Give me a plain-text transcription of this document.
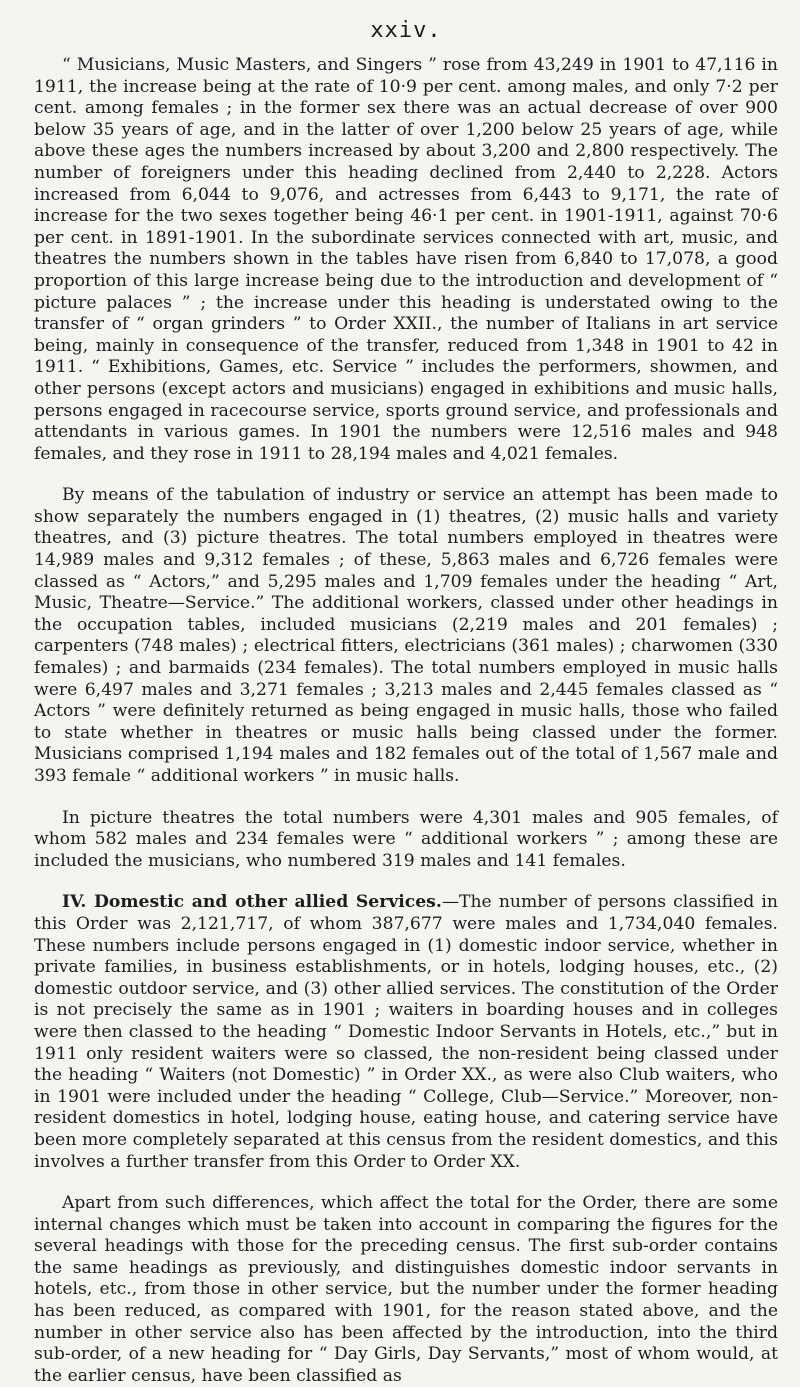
xxiv.

“ Musicians, Music Masters, and Singers ” rose from 43,249 in 1901 to 47,116 in 1911, the increase being at the rate of 10·9 per cent. among males, and only 7·2 per cent. among females ; in the former sex there was an actual decrease of over 900 below 35 years of age, and in the latter of over 1,200 below 25 years of age, while above these ages the numbers increased by about 3,200 and 2,800 respectively. The number of foreigners under this heading declined from 2,440 to 2,228. Actors increased from 6,044 to 9,076, and actresses from 6,443 to 9,171, the rate of increase for the two sexes together being 46·1 per cent. in 1901-1911, against 70·6 per cent. in 1891-1901. In the subordinate services connected with art, music, and theatres the numbers shown in the tables have risen from 6,840 to 17,078, a good proportion of this large increase being due to the introduction and development of “ picture palaces ” ; the increase under this heading is understated owing to the transfer of “ organ grinders ” to Order XXII., the number of Italians in art service being, mainly in consequence of the transfer, reduced from 1,348 in 1901 to 42 in 1911. “ Exhibitions, Games, etc. Service ” includes the performers, showmen, and other persons (except actors and musicians) engaged in exhibitions and music halls, persons engaged in racecourse service, sports ground service, and professionals and attendants in various games. In 1901 the numbers were 12,516 males and 948 females, and they rose in 1911 to 28,194 males and 4,021 females.

By means of the tabulation of industry or service an attempt has been made to show separately the numbers engaged in (1) theatres, (2) music halls and variety theatres, and (3) picture theatres. The total numbers employed in theatres were 14,989 males and 9,312 females ; of these, 5,863 males and 6,726 females were classed as “ Actors,” and 5,295 males and 1,709 females under the heading “ Art, Music, Theatre—Service.” The additional workers, classed under other headings in the occupation tables, included musicians (2,219 males and 201 females) ; carpenters (748 males) ; electrical fitters, electricians (361 males) ; charwomen (330 females) ; and barmaids (234 females). The total numbers employed in music halls were 6,497 males and 3,271 females ; 3,213 males and 2,445 females classed as “ Actors ” were definitely returned as being engaged in music halls, those who failed to state whether in theatres or music halls being classed under the former. Musicians comprised 1,194 males and 182 females out of the total of 1,567 male and 393 female “ additional workers ” in music halls.

In picture theatres the total numbers were 4,301 males and 905 females, of whom 582 males and 234 females were “ additional workers ” ; among these are included the musicians, who numbered 319 males and 141 females.

IV. Domestic and other allied Services.—The number of persons classified in this Order was 2,121,717, of whom 387,677 were males and 1,734,040 females. These numbers include persons engaged in (1) domestic indoor service, whether in private families, in business establishments, or in hotels, lodging houses, etc., (2) domestic outdoor service, and (3) other allied services. The constitution of the Order is not precisely the same as in 1901 ; waiters in boarding houses and in colleges were then classed to the heading “ Domestic Indoor Servants in Hotels, etc.,” but in 1911 only resident waiters were so classed, the non-resident being classed under the heading “ Waiters (not Domestic) ” in Order XX., as were also Club waiters, who in 1901 were included under the heading “ College, Club—Service.” Moreover, non-resident domestics in hotel, lodging house, eating house, and catering service have been more completely separated at this census from the resident domestics, and this involves a further transfer from this Order to Order XX.

Apart from such differences, which affect the total for the Order, there are some internal changes which must be taken into account in comparing the figures for the several headings with those for the preceding census. The first sub-order contains the same headings as previously, and distinguishes domestic indoor servants in hotels, etc., from those in other service, but the number under the former heading has been reduced, as compared with 1901, for the reason stated above, and the number in other service also has been affected by the introduction, into the third sub-order, of a new heading for “ Day Girls, Day Servants,” most of whom would, at the earlier census, have been classified as
